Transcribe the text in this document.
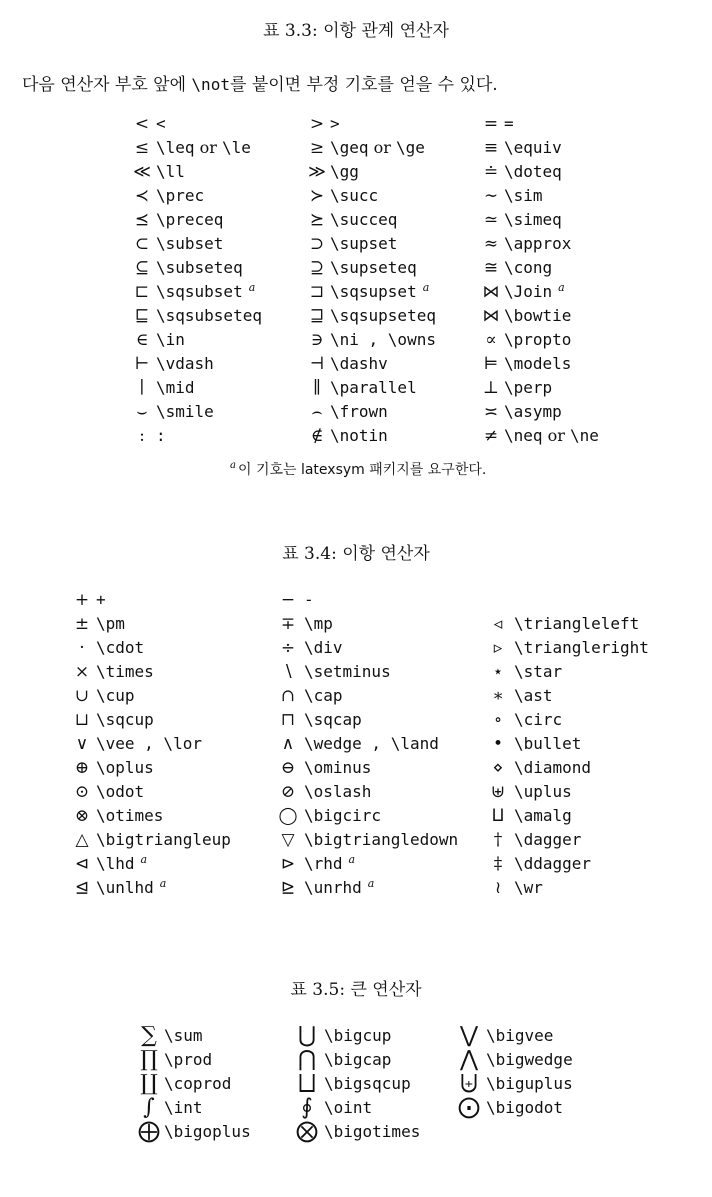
표 3.3: 이항 관계 연산자
다음 연산자 부호 앞에 \not를 붙이면 부정 기호를 얻을 수 있다.
<	<	>	>	=	=
≤	\leq or \le	≥	\geq or \ge	≡	\equiv
≪	\ll	≫	\gg	≐	\doteq
≺	\prec	≻	\succ	∼	\sim
⪯	\preceq	⪰	\succeq	≃	\simeq
⊂	\subset	⊃	\supset	≈	\approx
⊆	\subseteq	⊇	\supseteq	≅	\cong
⊏	\sqsubset $^a$	⊐	\sqsupset $^a$	⋈	\Join $^a$
⊑	\sqsubseteq	⊒	\sqsupseteq	⋈	\bowtie
∈	\in	∋	\ni , \owns	∝	\propto
⊢	\vdash	⊣	\dashv	⊨	\models
∣	\mid	∥	\parallel	⊥	\perp
⌣	\smile	⌢	\frown	≍	\asymp
:	:	∉	\notin	≠	\neq or \ne
$^a$ 이 기호는 latexsym 패키지를 요구한다.
표 3.4: 이항 연산자
+	+	−	-		
±	\pm	∓	\mp	◃	\triangleleft
·	\cdot	÷	\div	▹	\triangleright
×	\times	∖	\setminus	⋆	\star
∪	\cup	∩	\cap	∗	\ast
⊔	\sqcup	⊓	\sqcap	∘	\circ
∨	\vee , \lor	∧	\wedge , \land	•	\bullet
⊕	\oplus	⊖	\ominus	⋄	\diamond
⊙	\odot	⊘	\oslash	⊎	\uplus
⊗	\otimes	◯	\bigcirc	⨿	\amalg
△	\bigtriangleup	▽	\bigtriangledown	†	\dagger
⊲	\lhd $^a$	⊳	\rhd $^a$	‡	\ddagger
⊴	\unlhd $^a$	⊵	\unrhd $^a$	≀	\wr
표 3.5: 큰 연산자
∑	\sum	⋃	\bigcup	⋁	\bigvee
∏	\prod	⋂	\bigcap	⋀	\bigwedge
∐	\coprod	⨆	\bigsqcup	⨄	\biguplus
∫	\int	∮	\oint	⨀	\bigodot
⨁	\bigoplus	⨂	\bigotimes		
